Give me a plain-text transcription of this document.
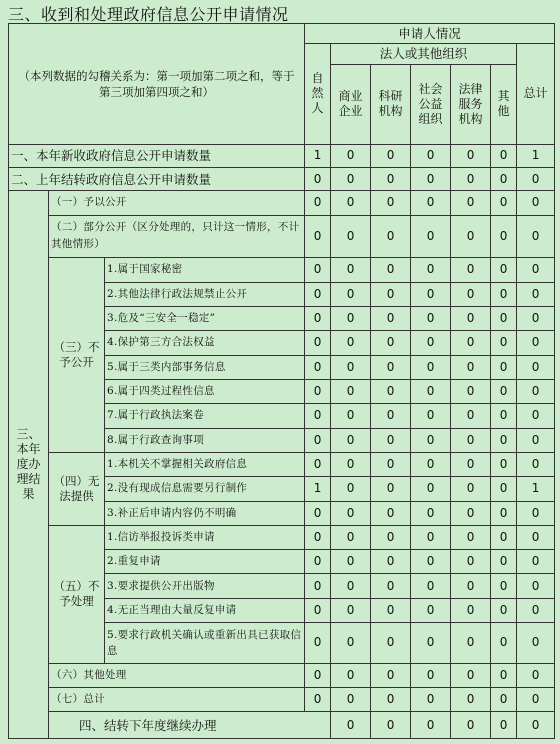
三、收到和处理政府信息公开申请情况
（本列数据的勾稽关系为：第一项加第二项之和，等于第三项加第四项之和）			申请人情况							
			自然人	法人或其他组织					总计	
				商业企业	科研机构	社会公益组织	法律服务机构	其他		
一、本年新收政府信息公开申请数量			1	0	0	0	0	0	1	
二、上年结转政府信息公开申请数量			0	0	0	0	0	0	0	
三、本年度办理结果	（一）予以公开		0	0	0	0	0	0	0	
	（二）部分公开（区分处理的，只计这一情形，不计其他情形）		0	0	0	0	0	0	0	
	（三）不予公开	1.属于国家秘密	0	0	0	0	0	0	0	
		2.其他法律行政法规禁止公开	0	0	0	0	0	0	0	
		3.危及“三安全一稳定”	0	0	0	0	0	0	0	
		4.保护第三方合法权益	0	0	0	0	0	0	0	
		5.属于三类内部事务信息	0	0	0	0	0	0	0	
		6.属于四类过程性信息	0	0	0	0	0	0	0	
		7.属于行政执法案卷	0	0	0	0	0	0	0	
		8.属于行政查询事项	0	0	0	0	0	0	0	
	（四）无法提供	1.本机关不掌握相关政府信息	0	0	0	0	0	0	0	
		2.没有现成信息需要另行制作	1	0	0	0	0	0	1	
		3.补正后申请内容仍不明确	0	0	0	0	0	0	0	
	（五）不予处理	1.信访举报投诉类申请	0	0	0	0	0	0	0	
		2.重复申请	0	0	0	0	0	0	0	
		3.要求提供公开出版物	0	0	0	0	0	0	0	
		4.无正当理由大量反复申请	0	0	0	0	0	0	0	
		5.要求行政机关确认或重新出具已获取信息	0	0	0	0	0	0	0	
	（六）其他处理		0	0	0	0	0	0	0	
	（七）总计		0	0	0	0	0	0	0	
	四、结转下年度继续办理			0	0	0	0	0	0	
